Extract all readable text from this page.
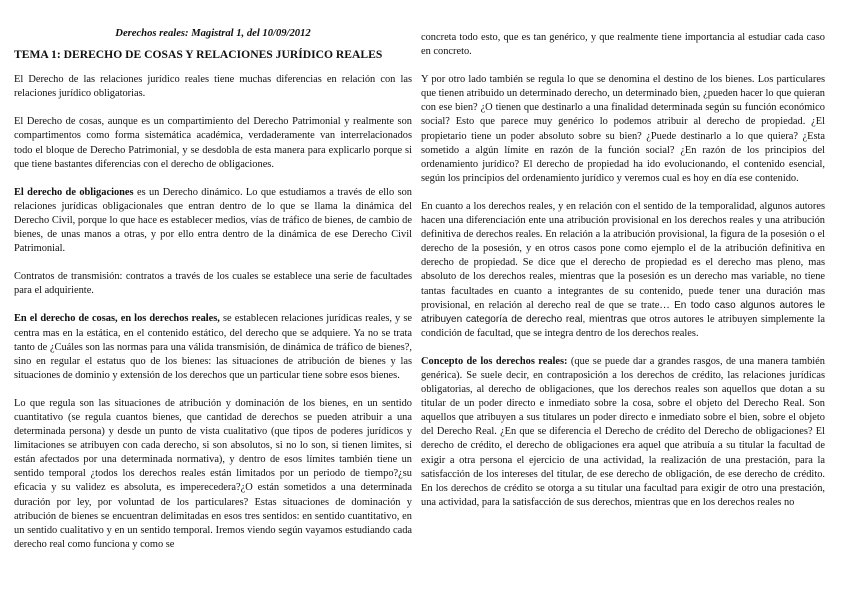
Derechos reales: Magistral 1, del 10/09/2012
TEMA 1: DERECHO DE COSAS Y RELACIONES JURÍDICO REALES

El Derecho de las relaciones jurídico reales tiene muchas diferencias en relación con las relaciones jurídico obligatorias.

El Derecho de cosas, aunque es un compartimiento del Derecho Patrimonial y realmente son compartimentos como forma sistemática académica, verdaderamente van interrelacionados todo el bloque de Derecho Patrimonial, y se desdobla de esta manera para explicarlo porque si que tiene bastantes diferencias con el derecho de obligaciones.

El derecho de obligaciones es un Derecho dinámico. Lo que estudiamos a través de ello son relaciones jurídicas obligacionales que entran dentro de lo que se llama la dinámica del Derecho Civil, porque lo que hace es establecer medios, vías de tráfico de bienes, de cambio de bienes, de unas manos a otras, y por ello entra dentro de la dinámica de ese Derecho Civil Patrimonial.

Contratos de transmisión: contratos a través de los cuales se establece una serie de facultades para el adquiriente.

En el derecho de cosas, en los derechos reales, se establecen relaciones jurídicas reales, y se centra mas en la estática, en el contenido estático, del derecho que se adquiere. Ya no se trata tanto de ¿Cuáles son las normas para una válida transmisión, de dinámica de tráfico de bienes?, sino en regular el estatus quo de los bienes: las situaciones de atribución de bienes y las situaciones de dominio y extensión de los derechos que un particular tiene sobre esos bienes.

Lo que regula son las situaciones de atribución y dominación de los bienes, en un sentido cuantitativo (se regula cuantos bienes, que cantidad de derechos se pueden atribuir a una determinada persona) y desde un punto de vista cualitativo (que tipos de poderes jurídicos y limitaciones se atribuyen con cada derecho, si son absolutos, si no lo son, si tienen limites, si están afectados por una determinada normativa), y dentro de esos límites también tiene un sentido temporal ¿todos los derechos reales están limitados por un periodo de tiempo?¿su eficacia y su validez es absoluta, es imperecedera?¿O están sometidos a una determinada duración por ley, por voluntad de los particulares? Estas situaciones de dominación y atribución de bienes se encuentran delimitadas en esos tres sentidos: en sentido cuantitativo, en un sentido cualitativo y en un sentido temporal. Iremos viendo según vayamos estudiando cada derecho real como funciona y como se

concreta todo esto, que es tan genérico, y que realmente tiene importancia al estudiar cada caso en concreto.

Y por otro lado también se regula lo que se denomina el destino de los bienes. Los particulares que tienen atribuido un determinado derecho, un determinado bien, ¿pueden hacer lo que quieran con ese bien? ¿O tienen que destinarlo a una finalidad determinada según su función económico social? Esto que parece muy genérico lo podemos atribuir al derecho de propiedad. ¿El propietario tiene un poder absoluto sobre su bien? ¿Puede destinarlo a lo que quiera? ¿Esta sometido a algún límite en razón de la función social? ¿En razón de los principios del ordenamiento jurídico? El derecho de propiedad ha ido evolucionando, el contenido esencial, según los principios del ordenamiento jurídico y veremos cual es hoy en día ese contenido.

En cuanto a los derechos reales, y en relación con el sentido de la temporalidad, algunos autores hacen una diferenciación ente una atribución provisional en los derechos reales y una atribución definitiva de derechos reales. En relación a la atribución provisional, la figura de la posesión o el derecho de la posesión, y en otros casos pone como ejemplo el de la atribución definitiva en derecho de propiedad. Se dice que el derecho de propiedad es el derecho mas pleno, mas absoluto de los derechos reales, mientras que la posesión es un derecho mas variable, no tiene tantas facultades en cuanto a integrantes de su contenido, puede tener una duración mas provisional, en relación al derecho real de que se trate… En todo caso algunos autores le atribuyen categoría de derecho real, mientras que otros autores le atribuyen simplemente la condición de facultad, que se integra dentro de los derechos reales.

Concepto de los derechos reales: (que se puede dar a grandes rasgos, de una manera también genérica). Se suele decir, en contraposición a los derechos de crédito, las relaciones jurídicas obligatorias, al derecho de obligaciones, que los derechos reales son aquellos que dotan a su titular de un poder directo e inmediato sobre la cosa, sobre el objeto del Derecho Real. Son aquellos que atribuyen a sus titulares un poder directo e inmediato sobre el bien, sobre el objeto del Derecho Real. ¿En que se diferencia el Derecho de crédito del Derecho de obligaciones? El derecho de crédito, el derecho de obligaciones era aquel que atribuía a su titular la facultad de exigir a otra persona el ejercicio de una actividad, la realización de una prestación, para la satisfacción de los intereses del titular, de ese derecho de obligación, de ese derecho de crédito. En los derechos de crédito se otorga a su titular una facultad para exigir de otro una prestación, una actividad, para la satisfacción de sus derechos, mientras que en los derechos reales no
